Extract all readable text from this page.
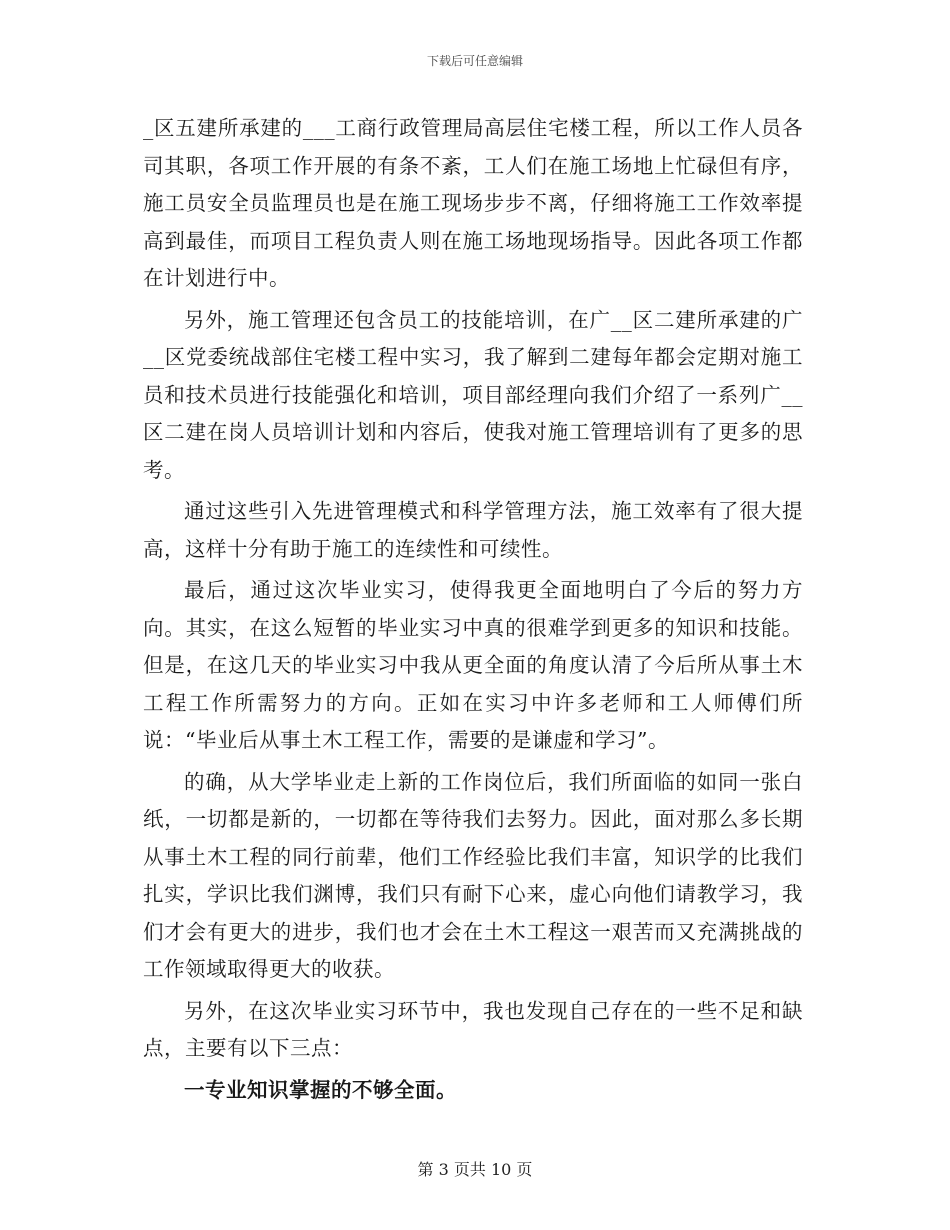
下载后可任意编辑

_区五建所承建的___工商行政管理局高层住宅楼工程，所以工作人员各司其职，各项工作开展的有条不紊，工人们在施工场地上忙碌但有序，施工员安全员监理员也是在施工现场步步不离，仔细将施工工作效率提高到最佳，而项目工程负责人则在施工场地现场指导。因此各项工作都在计划进行中。

另外，施工管理还包含员工的技能培训，在广__区二建所承建的广__区党委统战部住宅楼工程中实习，我了解到二建每年都会定期对施工员和技术员进行技能强化和培训，项目部经理向我们介绍了一系列广__区二建在岗人员培训计划和内容后，使我对施工管理培训有了更多的思考。

通过这些引入先进管理模式和科学管理方法，施工效率有了很大提高，这样十分有助于施工的连续性和可续性。

最后，通过这次毕业实习，使得我更全面地明白了今后的努力方向。其实，在这么短暂的毕业实习中真的很难学到更多的知识和技能。但是，在这几天的毕业实习中我从更全面的角度认清了今后所从事土木工程工作所需努力的方向。正如在实习中许多老师和工人师傅们所说：“毕业后从事土木工程工作，需要的是谦虚和学习”。

的确，从大学毕业走上新的工作岗位后，我们所面临的如同一张白纸，一切都是新的，一切都在等待我们去努力。因此，面对那么多长期从事土木工程的同行前辈，他们工作经验比我们丰富，知识学的比我们扎实，学识比我们渊博，我们只有耐下心来，虚心向他们请教学习，我们才会有更大的进步，我们也才会在土木工程这一艰苦而又充满挑战的工作领域取得更大的收获。

另外，在这次毕业实习环节中，我也发现自己存在的一些不足和缺点，主要有以下三点：

一专业知识掌握的不够全面。

第 3 页共 10 页
